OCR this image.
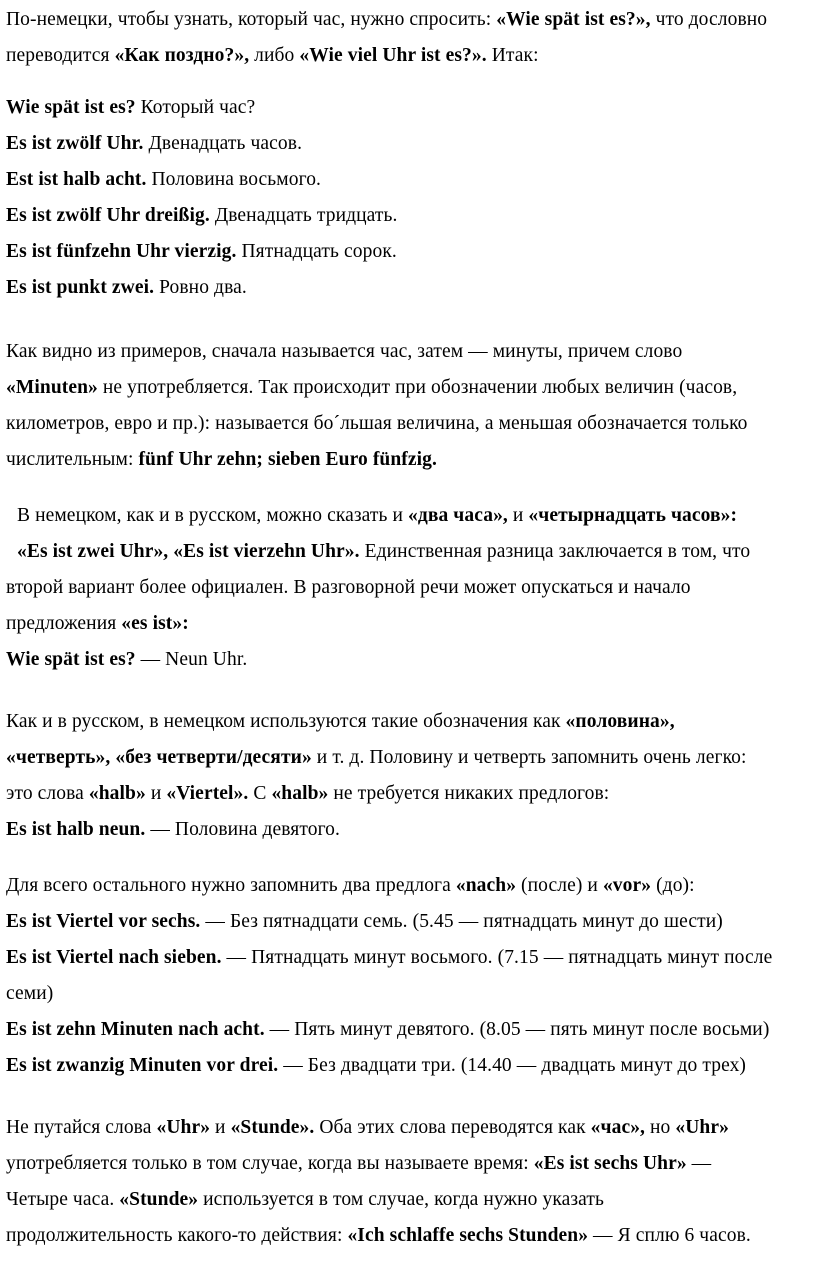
По-немецки, чтобы узнать, который час, нужно спросить: «Wie spät ist es?», что дословно
переводится «Как поздно?», либо «Wie viel Uhr ist es?». Итак:
Wie spät ist es? Который час?
Es ist zwölf Uhr. Двенадцать часов.
Est ist halb acht. Половина восьмого.
Es ist zwölf Uhr dreißig. Двенадцать тридцать.
Es ist fünfzehn Uhr vierzig. Пятнадцать сорок.
Es ist punkt zwei. Ровно два.
Как видно из примеров, сначала называется час, затем — минуты, причем слово
«Minuten» не употребляется. Так происходит при обозначении любых величин (часов,
километров, евро и пр.): называется бо´льшая величина, а меньшая обозначается только
числительным: fünf Uhr zehn; sieben Euro fünfzig.
В немецком, как и в русском, можно сказать и «два часа», и «четырнадцать часов»:
«Es ist zwei Uhr», «Es ist vierzehn Uhr». Единственная разница заключается в том, что
второй вариант более официален. В разговорной речи может опускаться и начало
предложения «es ist»:
Wie spät ist es? — Neun Uhr.
Как и в русском, в немецком используются такие обозначения как «половина»,
«четверть», «без четверти/десяти» и т. д. Половину и четверть запомнить очень легко:
это слова «halb» и «Viertel». С «halb» не требуется никаких предлогов:
Es ist halb neun. — Половина девятого.
Для всего остального нужно запомнить два предлога «nach» (после) и «vor» (до):
Es ist Viertel vor sechs. — Без пятнадцати семь. (5.45 — пятнадцать минут до шести)
Es ist Viertel nach sieben. — Пятнадцать минут восьмого. (7.15 — пятнадцать минут после
семи)
Es ist zehn Minuten nach acht. — Пять минут девятого. (8.05 — пять минут после восьми)
Es ist zwanzig Minuten vor drei. — Без двадцати три. (14.40 — двадцать минут до трех)
Не путайся слова «Uhr» и «Stunde». Оба этих слова переводятся как «час», но «Uhr»
употребляется только в том случае, когда вы называете время: «Es ist sechs Uhr» —
Четыре часа. «Stunde» используется в том случае, когда нужно указать
продолжительность какого-то действия: «Ich schlaffe sechs Stunden» — Я сплю 6 часов.
